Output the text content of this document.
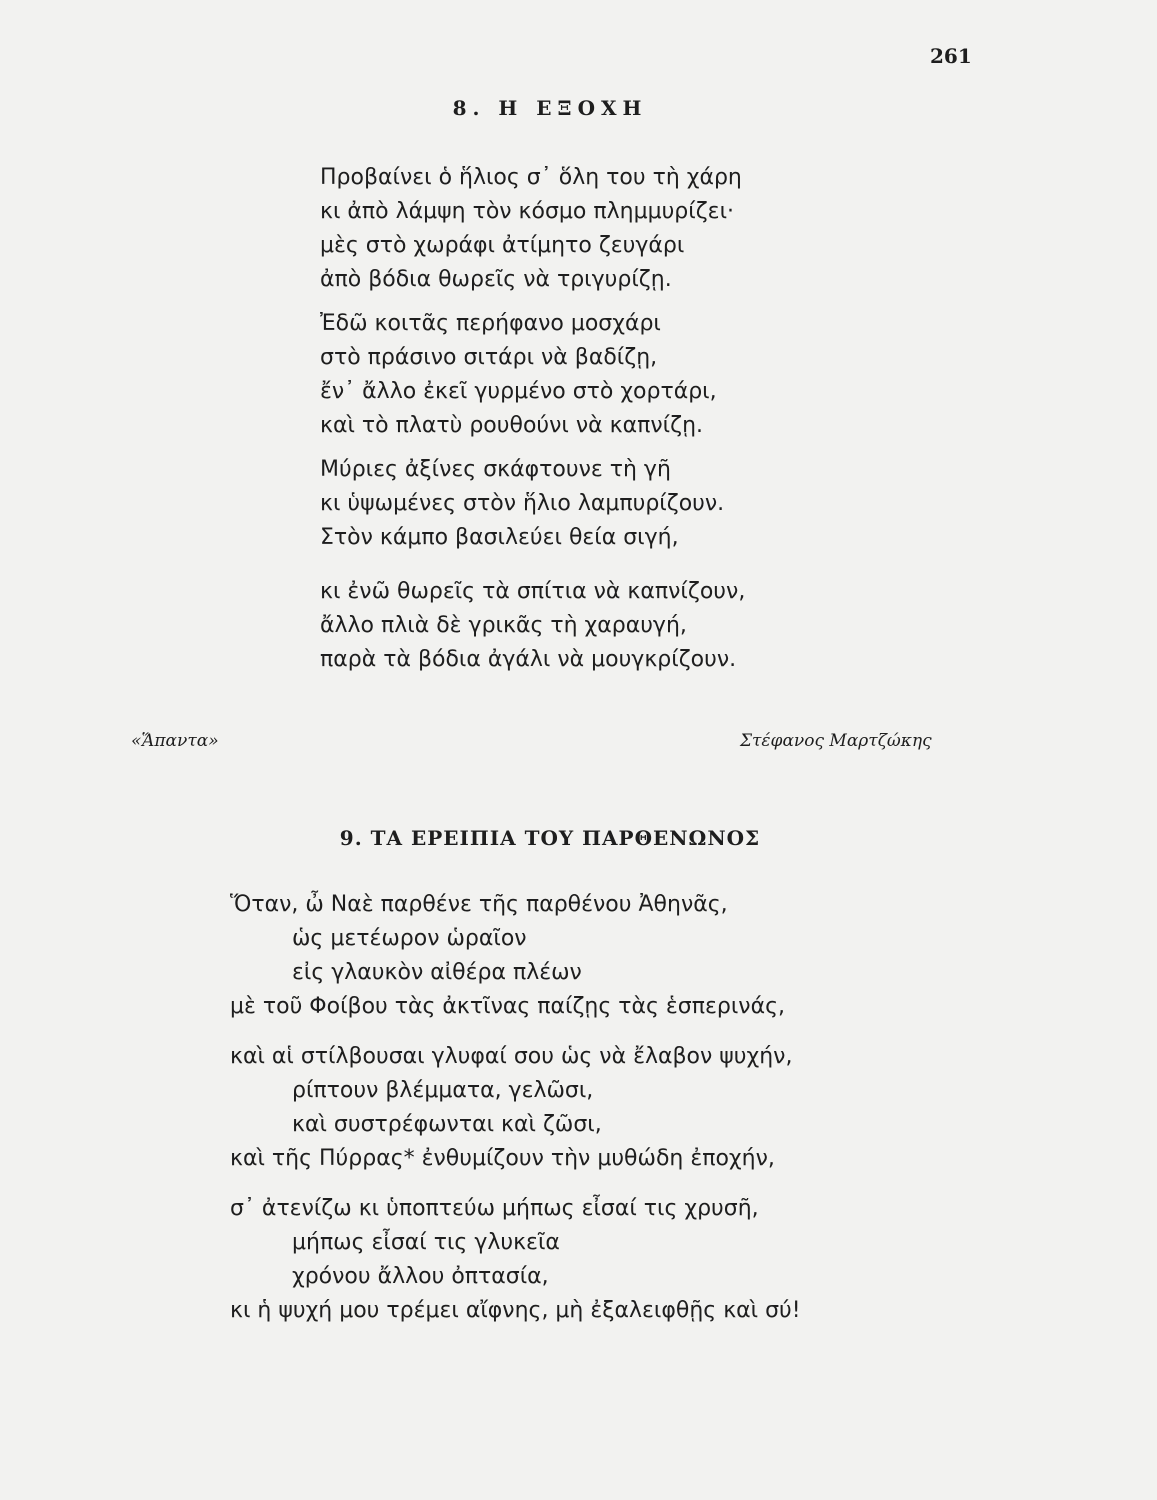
261
8. Η ΕΞΟΧΗ
Προβαίνει ὁ ἥλιος σ᾽ ὅλη του τὴ χάρη
κι ἀπὸ λάμψη τὸν κόσμο πλημμυρίζει·
μὲς στὸ χωράφι ἀτίμητο ζευγάρι
ἀπὸ βόδια θωρεῖς νὰ τριγυρίζῃ.
Ἐδῶ κοιτᾶς περήφανο μοσχάρι
στὸ πράσινο σιτάρι νὰ βαδίζῃ,
ἔν᾽ ἄλλο ἐκεῖ γυρμένο στὸ χορτάρι,
καὶ τὸ πλατὺ ρουθούνι νὰ καπνίζῃ.
Μύριες ἀξίνες σκάφτουνε τὴ γῆ
κι ὑψωμένες στὸν ἥλιο λαμπυρίζουν.
Στὸν κάμπο βασιλεύει θεία σιγή,
κι ἐνῶ θωρεῖς τὰ σπίτια νὰ καπνίζουν,
ἄλλο πλιὰ δὲ γρικᾶς τὴ χαραυγή,
παρὰ τὰ βόδια ἀγάλι νὰ μουγκρίζουν.
«Ἅπαντα»	Στέφανος Μαρτζώκης
9. ΤΑ ΕΡΕΙΠΙΑ ΤΟΥ ΠΑΡΘΕΝΩΝΟΣ
Ὅταν, ὦ Ναὲ παρθένε τῆς παρθένου Ἀθηνᾶς,
ὡς μετέωρον ὡραῖον
εἰς γλαυκὸν αἰθέρα πλέων
μὲ τοῦ Φοίβου τὰς ἀκτῖνας παίζῃς τὰς ἑσπερινάς,
καὶ αἱ στίλβουσαι γλυφαί σου ὡς νὰ ἔλαβον ψυχήν,
ρίπτουν βλέμματα, γελῶσι,
καὶ συστρέφωνται καὶ ζῶσι,
καὶ τῆς Πύρρας* ἐνθυμίζουν τὴν μυθώδη ἐποχήν,
σ᾽ ἀτενίζω κι ὑποπτεύω μήπως εἶσαί τις χρυσῆ,
μήπως εἶσαί τις γλυκεῖα
χρόνου ἄλλου ὀπτασία,
κι ἡ ψυχή μου τρέμει αἴφνης, μὴ ἐξαλειφθῇς καὶ σύ!
